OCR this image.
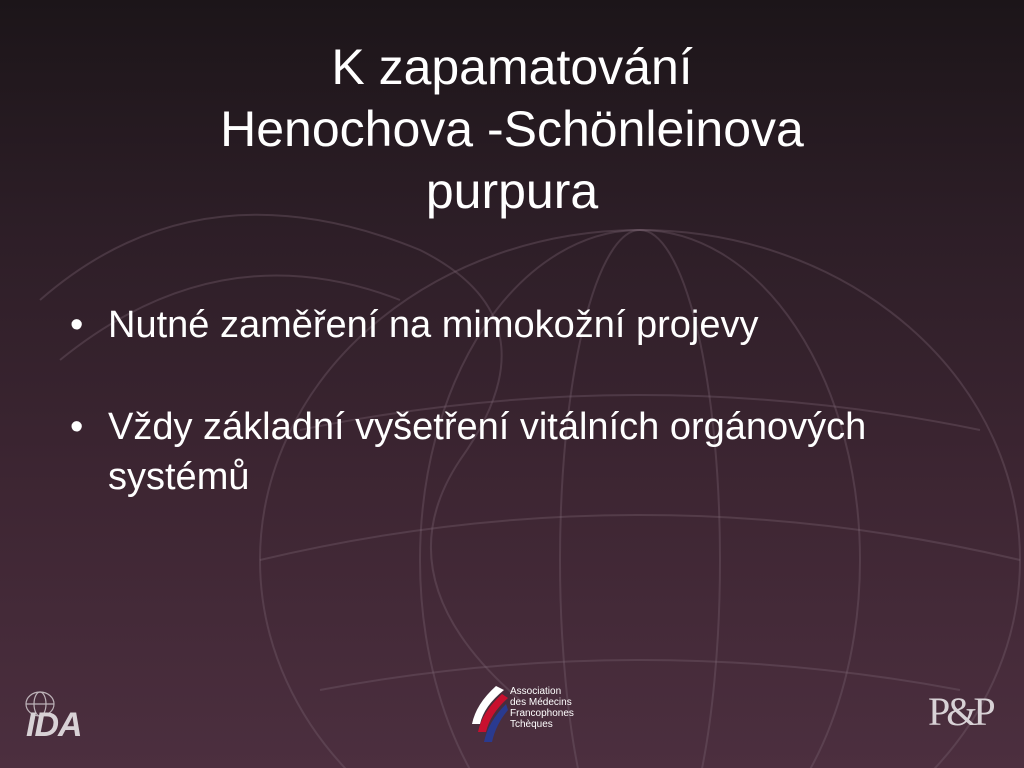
K zapamatování
Henochova -Schönleinova
purpura
• Nutné zaměření na mimokožní projevy
• Vždy základní vyšetření vitálních orgánových systémů
IDA
Association
des Médecins
Francophones
Tchèques	P&P
